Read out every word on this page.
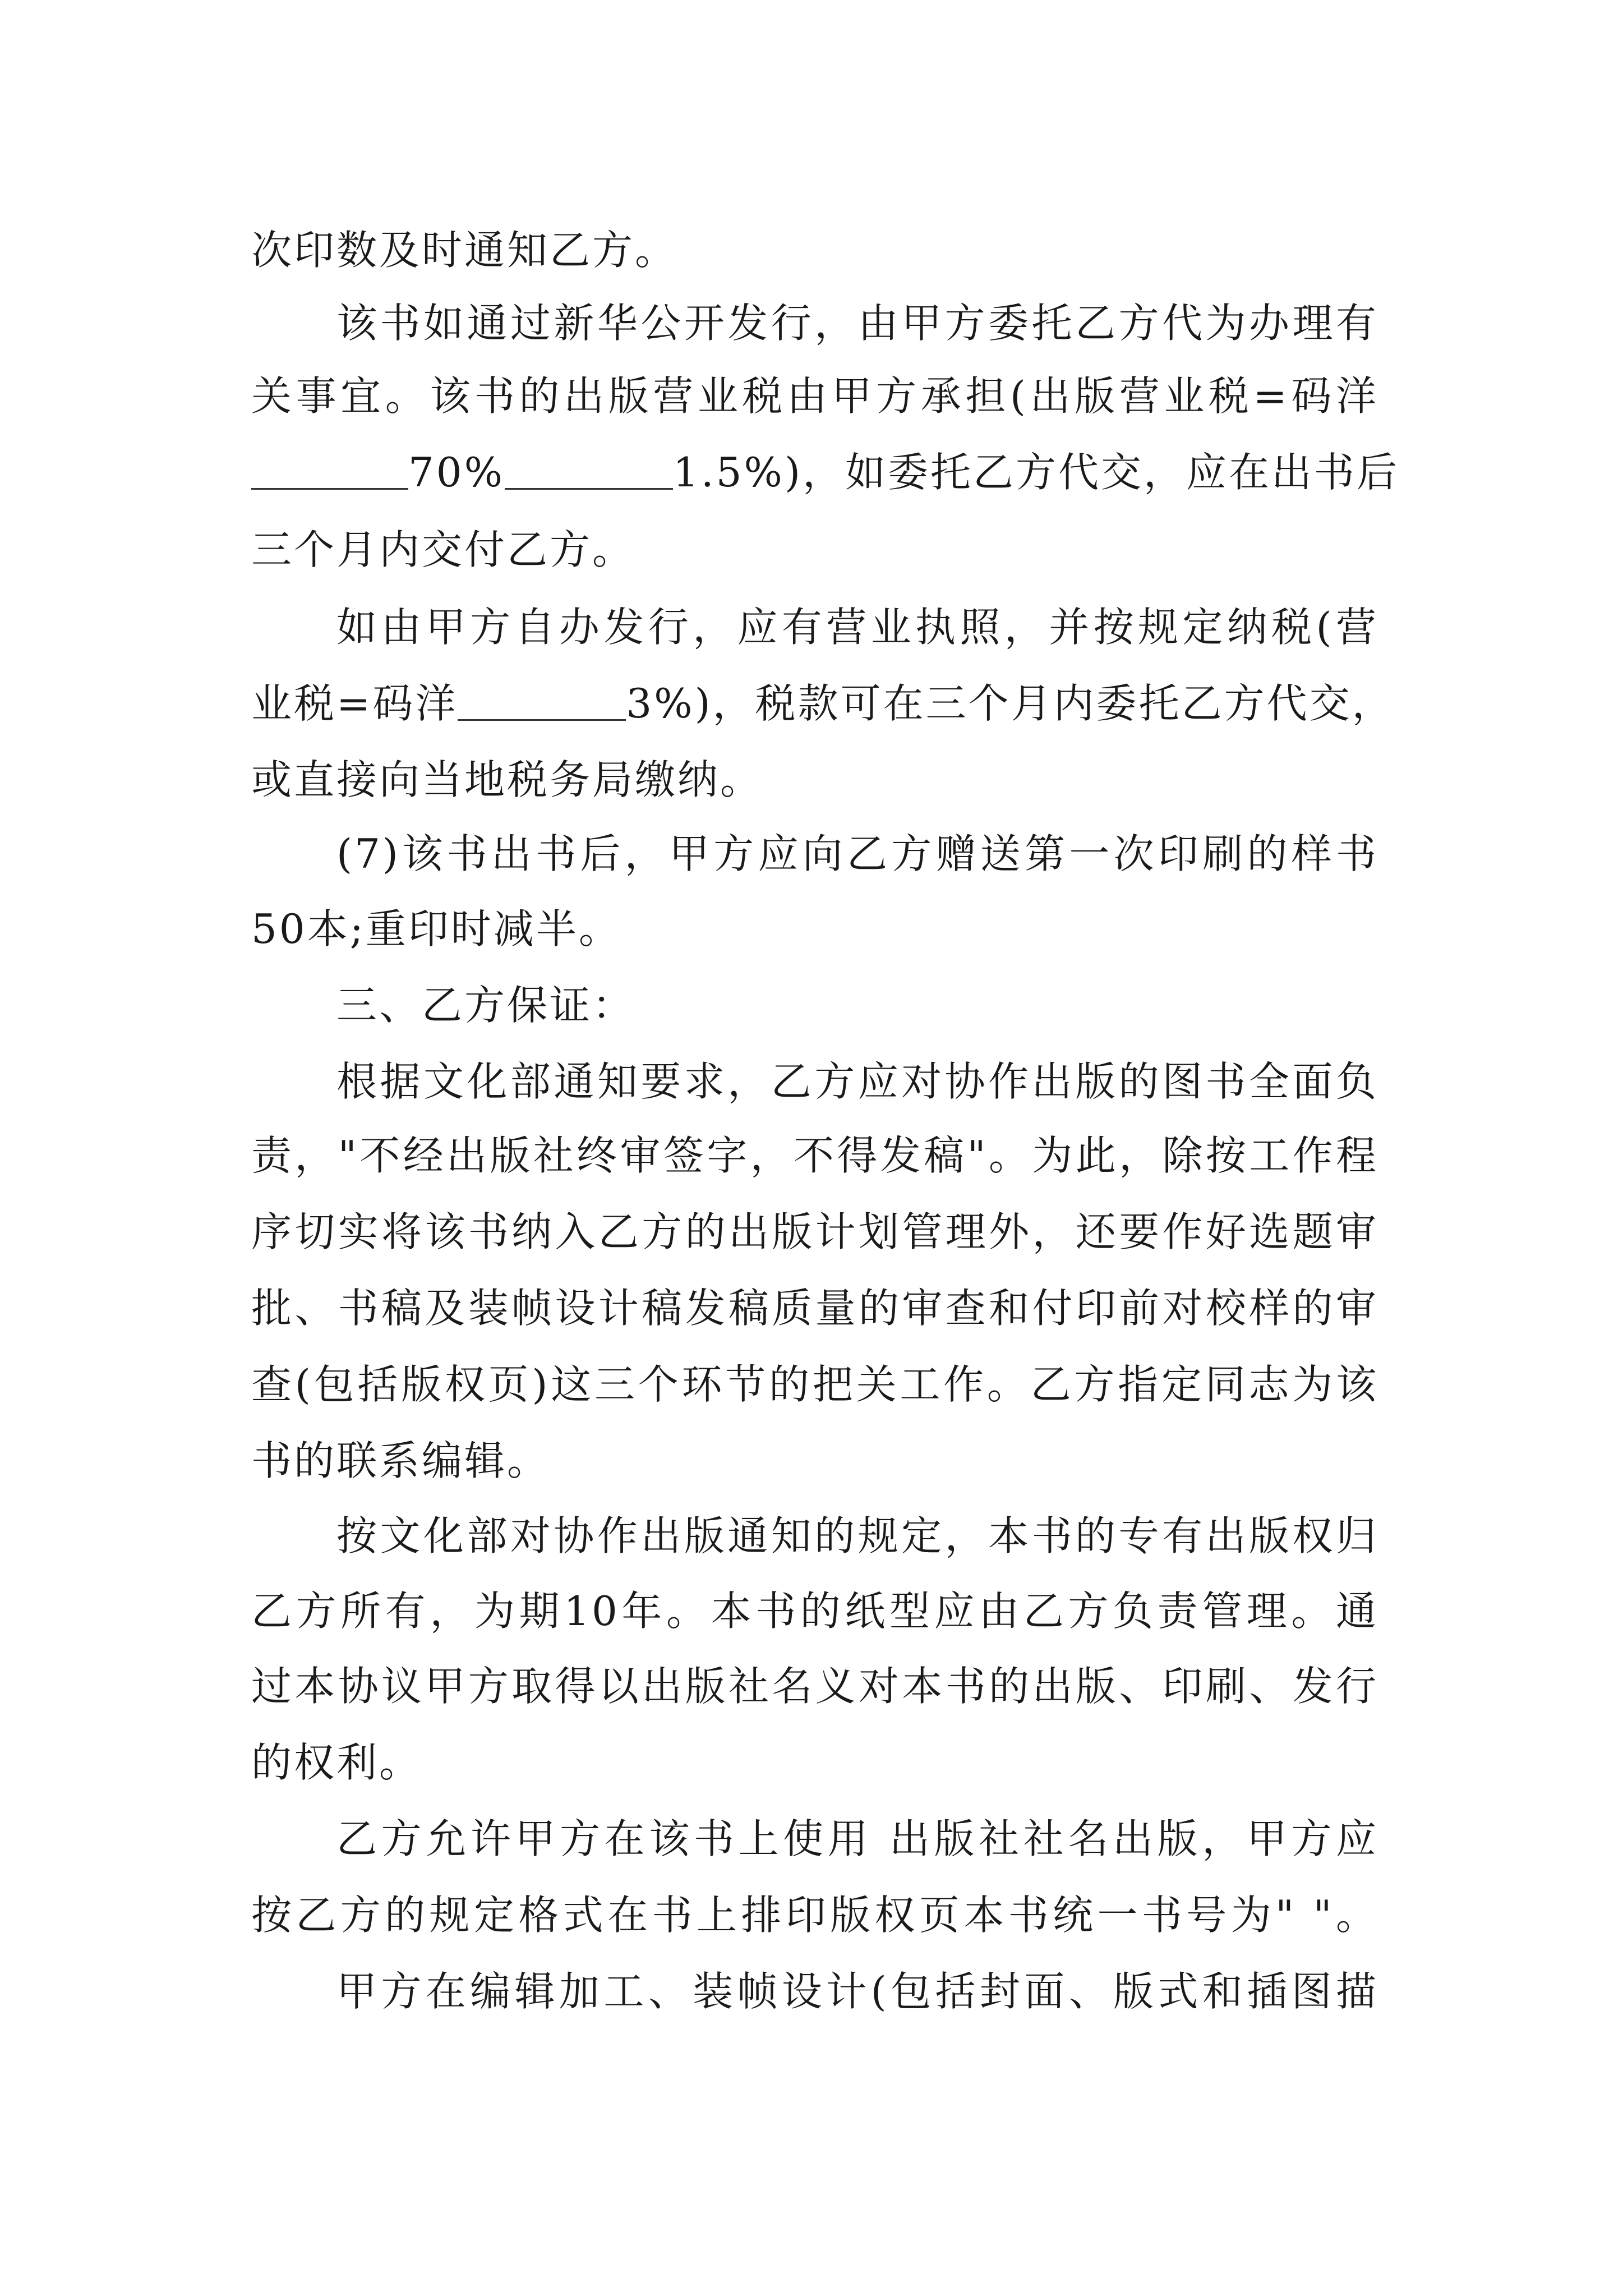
次印数及时通知乙方。
该书如通过新华公开发行，由甲方委托乙方代为办理有
关事宜。该书的出版营业税由甲方承担(出版营业税=码洋
70%	1.5%)，如委托乙方代交，应在出书后
三个月内交付乙方。
如由甲方自办发行，应有营业执照，并按规定纳税(营
业税=码洋	3%)，税款可在三个月内委托乙方代交，
或直接向当地税务局缴纳。
(7)该书出书后，甲方应向乙方赠送第一次印刷的样书
50本;重印时减半。
三、乙方保证：
根据文化部通知要求，乙方应对协作出版的图书全面负
责，"不经出版社终审签字，不得发稿"。为此，除按工作程
序切实将该书纳入乙方的出版计划管理外，还要作好选题审
批、书稿及装帧设计稿发稿质量的审查和付印前对校样的审
查(包括版权页)这三个环节的把关工作。乙方指定同志为该
书的联系编辑。
按文化部对协作出版通知的规定，本书的专有出版权归
乙方所有，为期10年。本书的纸型应由乙方负责管理。通
过本协议甲方取得以出版社名义对本书的出版、印刷、发行
的权利。
乙方允许甲方在该书上使用 出版社社名出版，甲方应
按乙方的规定格式在书上排印版权页本书统一书号为" "。
甲方在编辑加工、装帧设计(包括封面、版式和插图描
